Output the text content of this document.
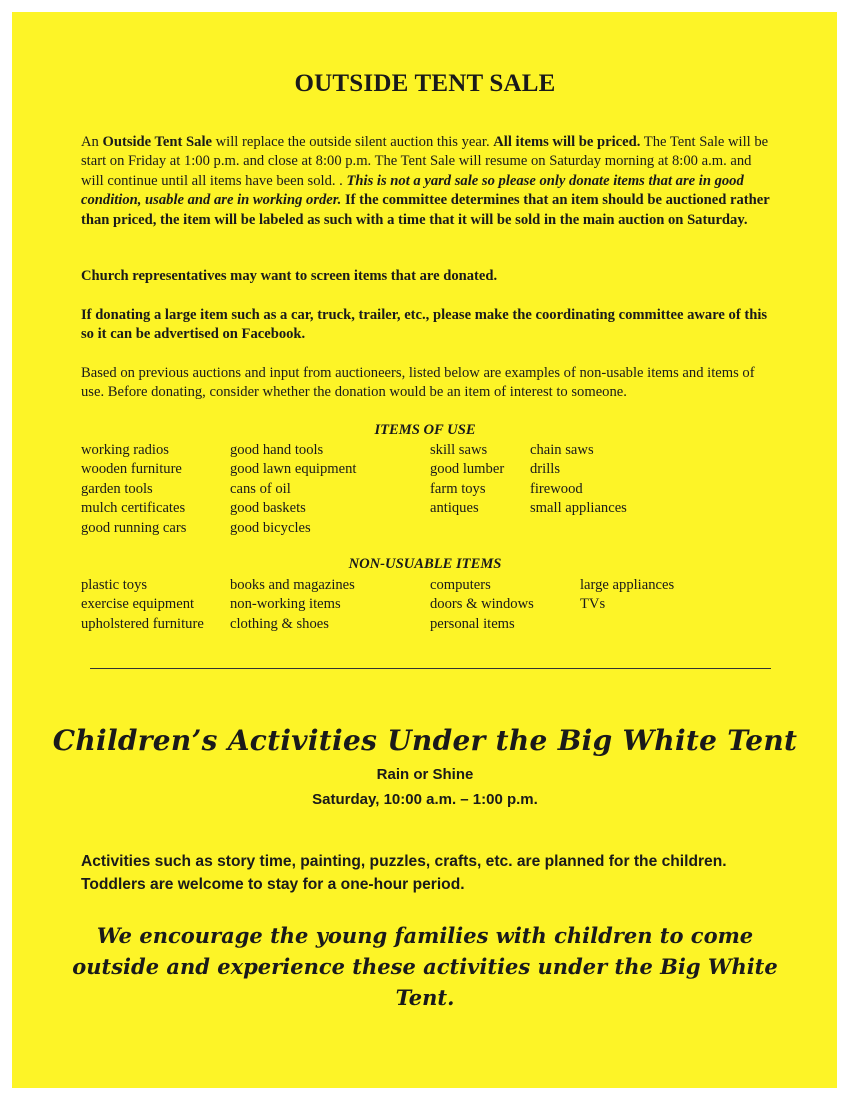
OUTSIDE TENT SALE

An Outside Tent Sale will replace the outside silent auction this year. All items will be priced. The Tent Sale will be start on Friday at 1:00 p.m. and close at 8:00 p.m. The Tent Sale will resume on Saturday morning at 8:00 a.m. and will continue until all items have been sold. . This is not a yard sale so please only donate items that are in good condition, usable and are in working order. If the committee determines that an item should be auctioned rather than priced, the item will be labeled as such with a time that it will be sold in the main auction on Saturday.

Church representatives may want to screen items that are donated.

If donating a large item such as a car, truck, trailer, etc., please make the coordinating committee aware of this so it can be advertised on Facebook.

Based on previous auctions and input from auctioneers, listed below are examples of non-usable items and items of use. Before donating, consider whether the donation would be an item of interest to someone.

ITEMS OF USE
working radios
wooden furniture
garden tools
mulch certificates
good running cars
good hand tools
good lawn equipment
cans of oil
good baskets
good bicycles
skill saws
good lumber
farm toys
antiques
chain saws
drills
firewood
small appliances
NON-USUABLE ITEMS
plastic toys
exercise equipment
upholstered furniture
books and magazines
non-working items
clothing & shoes
computers
doors & windows
personal items
large appliances
TVs
Children’s Activities Under the Big White Tent
Rain or Shine
Saturday, 10:00 a.m. – 1:00 p.m.

Activities such as story time, painting, puzzles, crafts, etc. are planned for the children. Toddlers are welcome to stay for a one-hour period.

We encourage the young families with children to come outside and experience these activities under the Big White Tent.
